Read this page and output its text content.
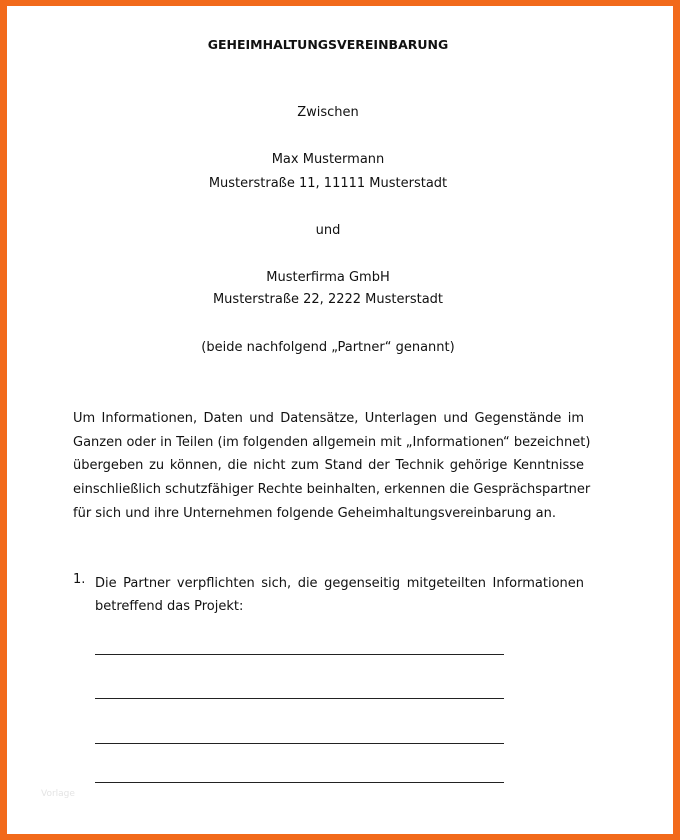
GEHEIMHALTUNGSVEREINBARUNG
Zwischen
Max Mustermann
Musterstraße 11, 11111 Musterstadt
und
Musterfirma GmbH
Musterstraße 22, 2222 Musterstadt
(beide nachfolgend „Partner“ genannt)
Um Informationen, Daten und Datensätze, Unterlagen und Gegenstände im
Ganzen oder in Teilen (im folgenden allgemein mit „Informationen“ bezeichnet)
übergeben zu können, die nicht zum Stand der Technik gehörige Kenntnisse
einschließlich schutzfähiger Rechte beinhalten, erkennen die Gesprächspartner
für sich und ihre Unternehmen folgende Geheimhaltungsvereinbarung an.
1. Die Partner verpflichten sich, die gegenseitig mitgeteilten Informationen
betreffend das Projekt:
Vorlage
